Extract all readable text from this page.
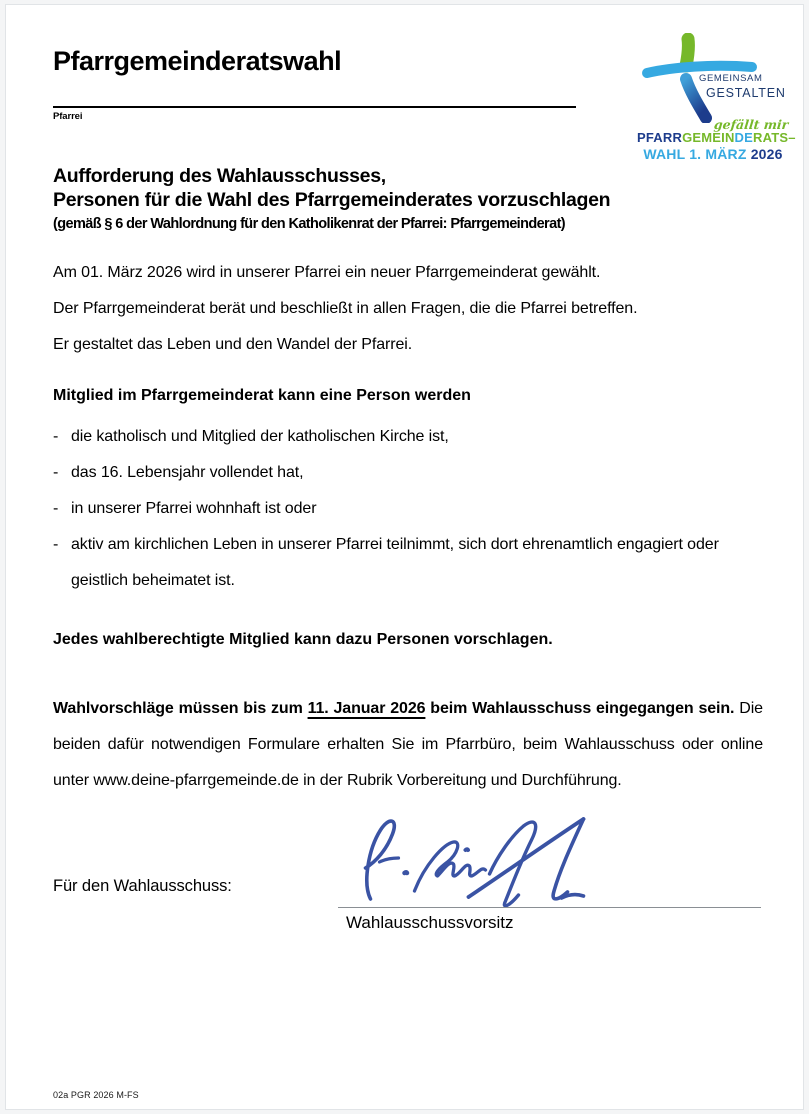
Pfarrgemeinderatswahl
Pfarrei
GEMEINSAM
GESTALTEN
gefällt mir
PFARRGEMEINDERATS–
WAHL 1. MÄRZ 2026
Aufforderung des Wahlausschusses,
Personen für die Wahl des Pfarrgemeinderates vorzuschlagen
(gemäß § 6 der Wahlordnung für den Katholikenrat der Pfarrei: Pfarrgemeinderat)
Am 01. März 2026 wird in unserer Pfarrei ein neuer Pfarrgemeinderat gewählt.
Der Pfarrgemeinderat berät und beschließt in allen Fragen, die die Pfarrei betreffen.
Er gestaltet das Leben und den Wandel der Pfarrei.
Mitglied im Pfarrgemeinderat kann eine Person werden
- die katholisch und Mitglied der katholischen Kirche ist,
- das 16. Lebensjahr vollendet hat,
- in unserer Pfarrei wohnhaft ist oder
- aktiv am kirchlichen Leben in unserer Pfarrei teilnimmt, sich dort ehrenamtlich engagiert oder geistlich beheimatet ist.
Jedes wahlberechtigte Mitglied kann dazu Personen vorschlagen.
Wahlvorschläge müssen bis zum 11. Januar 2026 beim Wahlausschuss eingegangen sein. Die beiden dafür notwendigen Formulare erhalten Sie im Pfarrbüro, beim Wahlausschuss oder online unter www.deine-pfarrgemeinde.de in der Rubrik Vorbereitung und Durchführung.
Für den Wahlausschuss:
Wahlausschussvorsitz
02a PGR 2026 M-FS
